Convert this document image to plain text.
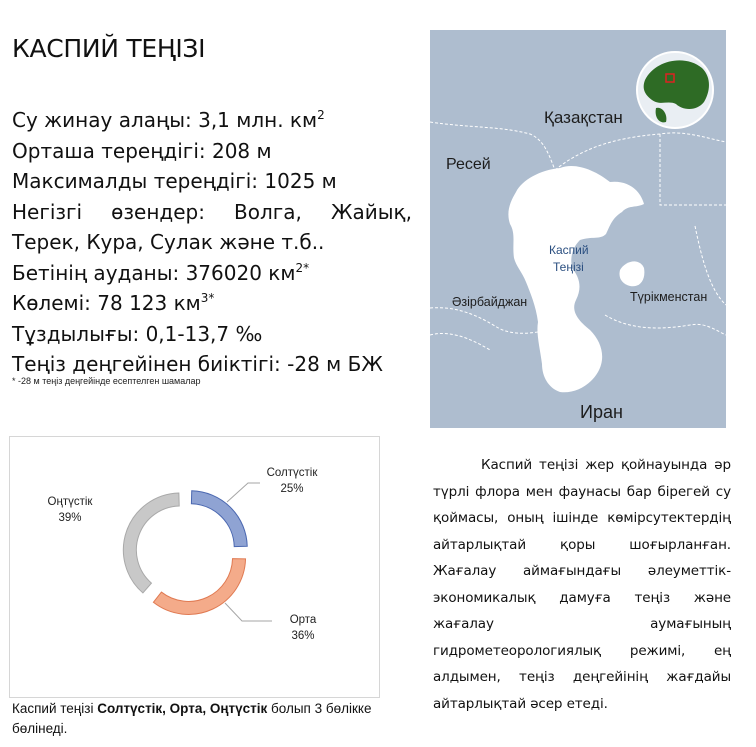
КАСПИЙ ТЕҢІЗІ
Су жинау алаңы: 3,1 млн. $км^2$
Орташа тереңдігі: 208 м
Максималды тереңдігі: 1025 м
Негізгі өзендер: Волга, Жайық, Терек, Кура, Сулак және т.б..
Бетінің ауданы: 376020 $км^{2*}$
Көлемі: 78 123 $км^{3*}$
Тұздылығы: 0,1-13,7 ‰
Теңіз деңгейінен биіктігі: -28 м БЖ
* -28 м теңіз деңгейінде есептелген шамалар
Қазақстан
Ресей
Каспий
Теңізі
Әзірбайджан	Түрікменстан
Иран
Солтүстік
25%
Орта
36%
Оңтүстік
39%
Каспий теңізі Солтүстік, Орта, Оңтүстік болып 3 бөлікке бөлінеді.
Каспий теңізі жер қойнауында әр түрлі флора мен фаунасы бар бірегей су қоймасы, оның ішінде көмірсутектердің айтарлықтай қоры шоғырланған. Жағалау аймағындағы әлеуметтік-экономикалық дамуға теңіз және жағалау аумағының гидрометеорологиялық режимі, ең алдымен, теңіз деңгейінің жағдайы айтарлықтай әсер етеді.
